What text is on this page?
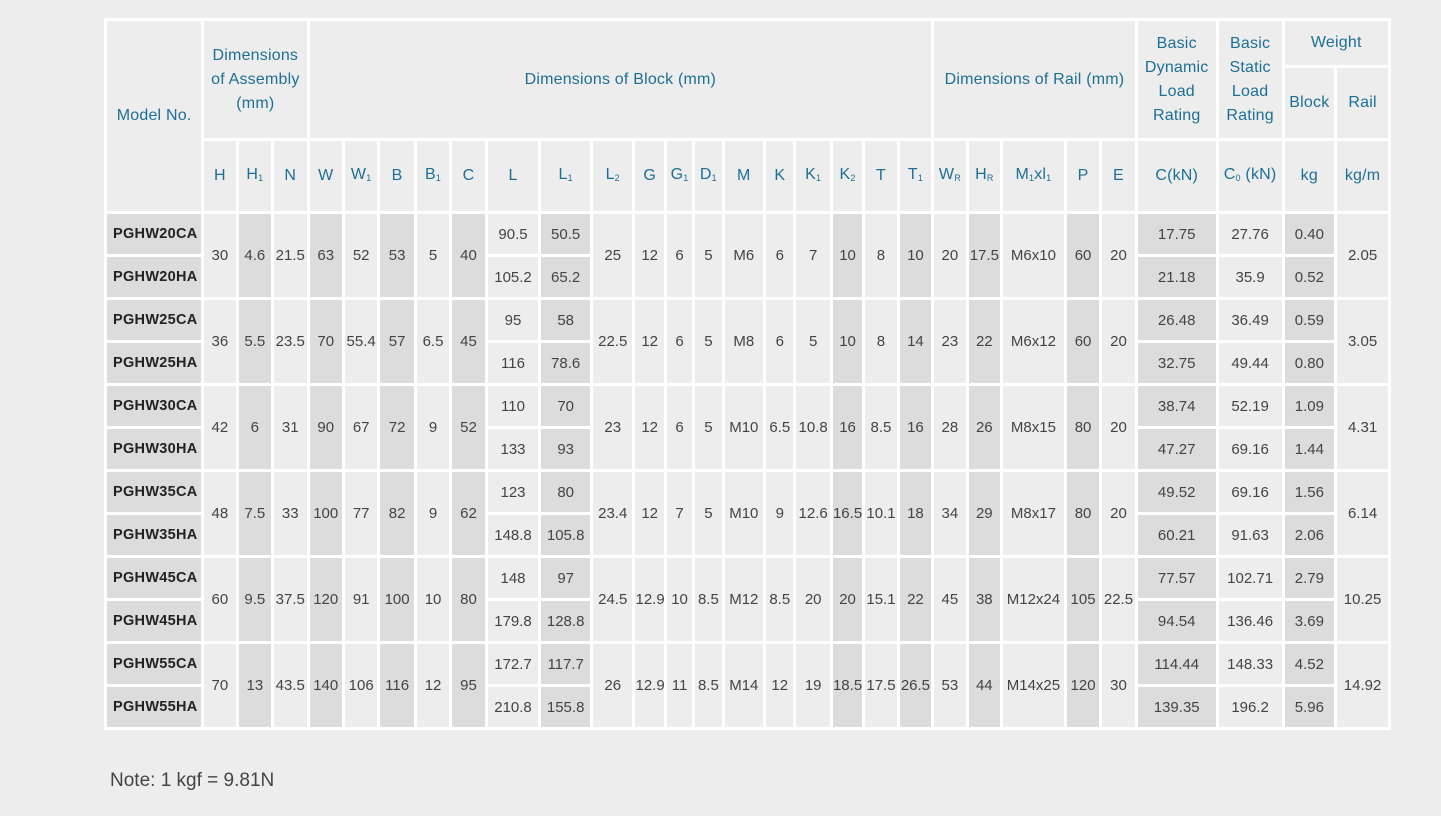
Model No.	Dimensions of Assembly (mm)			Dimensions of Block (mm)																	Dimensions of Rail (mm)					Basic Dynamic Load Rating	Basic Static Load Rating	Weight	
																												Block	Rail
	H	$H_1$	N	W	$W_1$	B	$B_1$	C	L	$L_1$	$L_2$	G	$G_1$	$D_1$	M	K	$K_1$	$K_2$	T	$T_1$	$W_R$	$H_R$	$M_1xl_1$	P	E	C(kN)	$C_0$ (kN)	kg	kg/m
PGHW20CA	30	4.6	21.5	63	52	53	5	40	90.5	50.5	25	12	6	5	M6	6	7	10	8	10	20	17.5	M6x10	60	20	17.75	27.76	0.40	2.05
PGHW20HA									105.2	65.2																21.18	35.9	0.52	
PGHW25CA	36	5.5	23.5	70	55.4	57	6.5	45	95	58	22.5	12	6	5	M8	6	5	10	8	14	23	22	M6x12	60	20	26.48	36.49	0.59	3.05
PGHW25HA									116	78.6																32.75	49.44	0.80	
PGHW30CA	42	6	31	90	67	72	9	52	110	70	23	12	6	5	M10	6.5	10.8	16	8.5	16	28	26	M8x15	80	20	38.74	52.19	1.09	4.31
PGHW30HA									133	93																47.27	69.16	1.44	
PGHW35CA	48	7.5	33	100	77	82	9	62	123	80	23.4	12	7	5	M10	9	12.6	16.5	10.1	18	34	29	M8x17	80	20	49.52	69.16	1.56	6.14
PGHW35HA									148.8	105.8																60.21	91.63	2.06	
PGHW45CA	60	9.5	37.5	120	91	100	10	80	148	97	24.5	12.9	10	8.5	M12	8.5	20	20	15.1	22	45	38	M12x24	105	22.5	77.57	102.71	2.79	10.25
PGHW45HA									179.8	128.8																94.54	136.46	3.69	
PGHW55CA	70	13	43.5	140	106	116	12	95	172.7	117.7	26	12.9	11	8.5	M14	12	19	18.5	17.5	26.5	53	44	M14x25	120	30	114.44	148.33	4.52	14.92
PGHW55HA									210.8	155.8																139.35	196.2	5.96	
Note: 1 kgf = 9.81N
